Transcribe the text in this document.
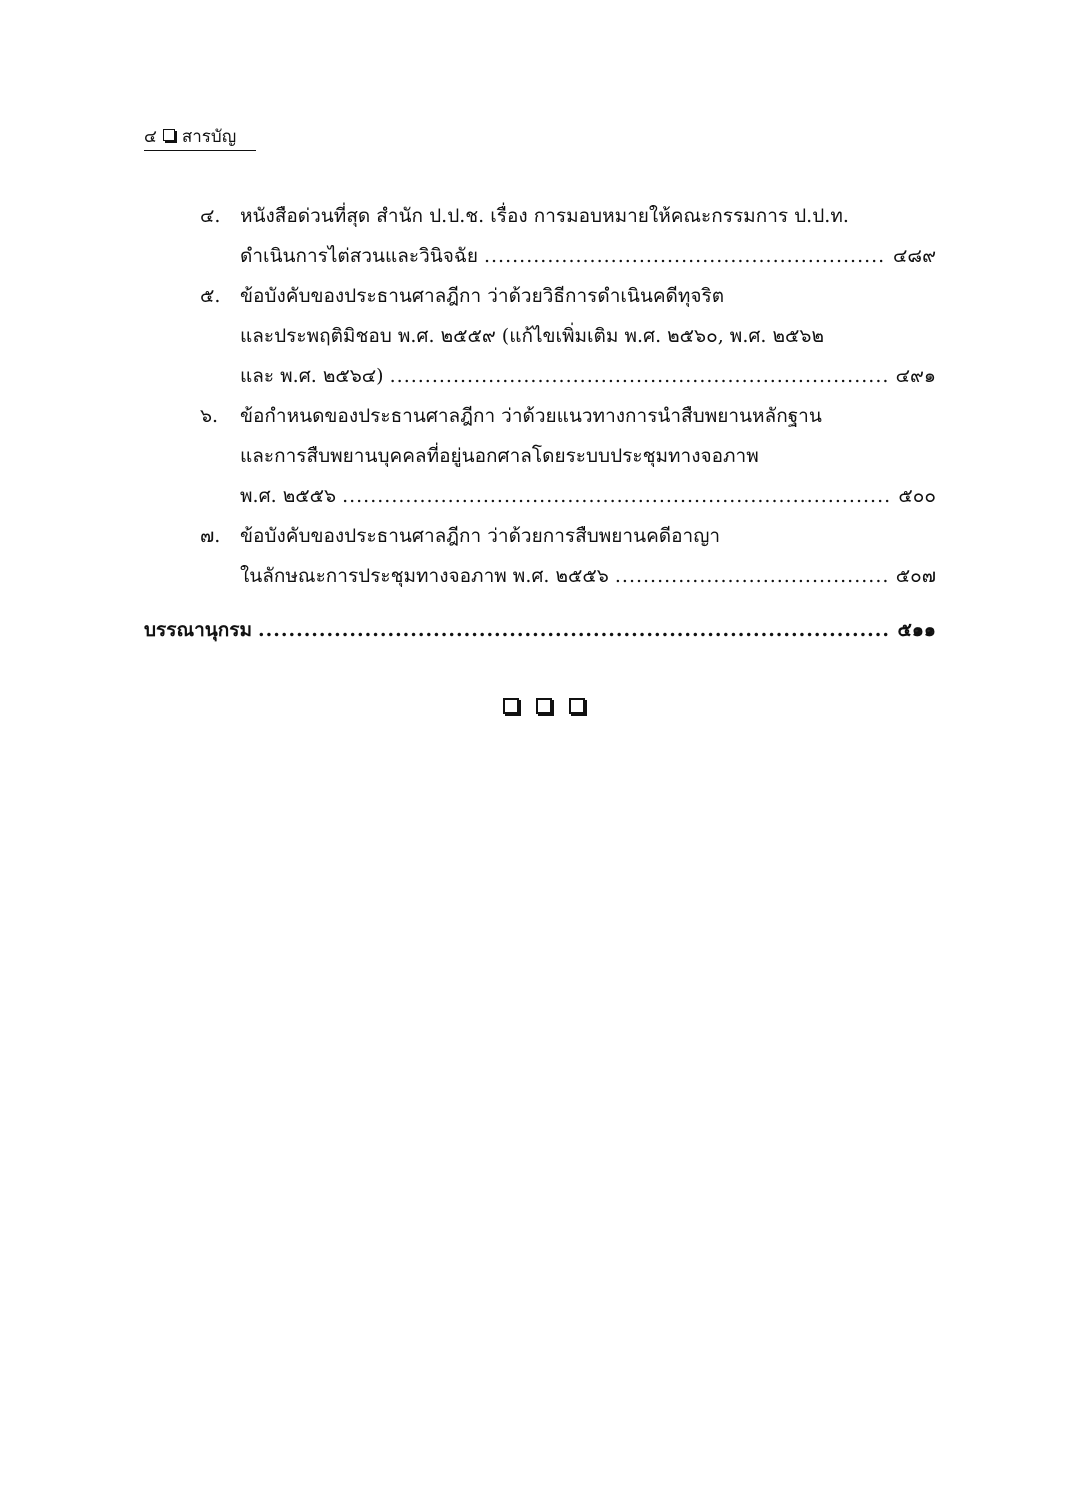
๔ สารบัญ
๔.	หนังสือด่วนที่สุด สำนัก ป.ป.ช. เรื่อง การมอบหมายให้คณะกรรมการ ป.ป.ท.
ดำเนินการไต่สวนและวินิจฉัย .....	๔๘๙
๕.	ข้อบังคับของประธานศาลฎีกา ว่าด้วยวิธีการดำเนินคดีทุจริต
และประพฤติมิชอบ พ.ศ. ๒๕๕๙ (แก้ไขเพิ่มเติม พ.ศ. ๒๕๖๐, พ.ศ. ๒๕๖๒
และ พ.ศ. ๒๕๖๔) .....	๔๙๑
๖.	ข้อกำหนดของประธานศาลฎีกา ว่าด้วยแนวทางการนำสืบพยานหลักฐาน
และการสืบพยานบุคคลที่อยู่นอกศาลโดยระบบประชุมทางจอภาพ
พ.ศ. ๒๕๕๖ .....	๕๐๐
๗.	ข้อบังคับของประธานศาลฎีกา ว่าด้วยการสืบพยานคดีอาญา
ในลักษณะการประชุมทางจอภาพ พ.ศ. ๒๕๕๖ .....	๕๐๗
บรรณานุกรม .....	๕๑๑
